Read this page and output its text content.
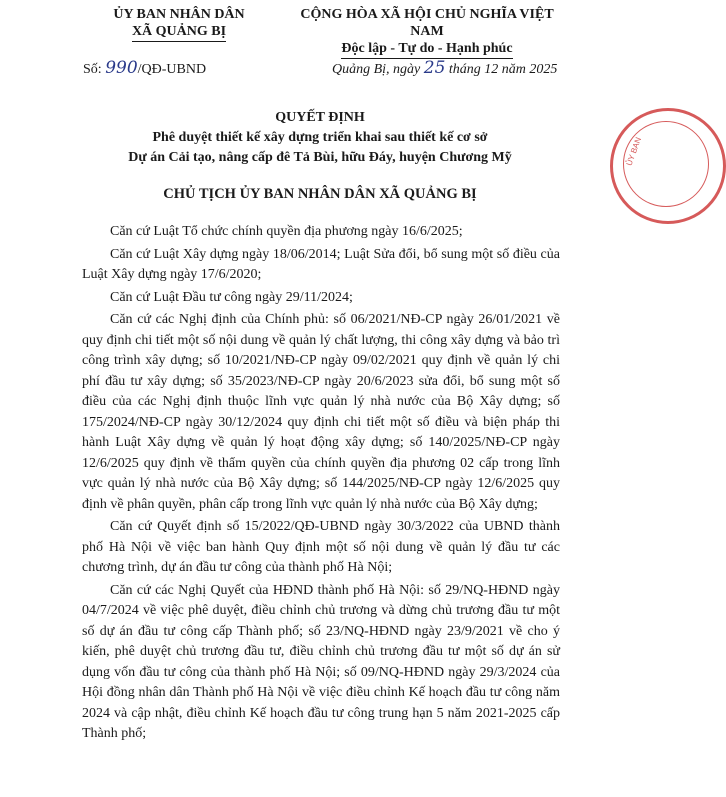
ỦY BAN NHÂN DÂN
XÃ QUẢNG BỊ
CỘNG HÒA XÃ HỘI CHỦ NGHĨA VIỆT NAM
Độc lập - Tự do - Hạnh phúc
Số: 990/QĐ-UBND	Quảng Bị, ngày 25 tháng 12 năm 2025
ỦY BAN
QUYẾT ĐỊNH
Phê duyệt thiết kế xây dựng triển khai sau thiết kế cơ sở
Dự án Cải tạo, nâng cấp đê Tả Bùi, hữu Đáy, huyện Chương Mỹ
CHỦ TỊCH ỦY BAN NHÂN DÂN XÃ QUẢNG BỊ

Căn cứ Luật Tổ chức chính quyền địa phương ngày 16/6/2025;

Căn cứ Luật Xây dựng ngày 18/06/2014; Luật Sửa đổi, bổ sung một số điều của Luật Xây dựng ngày 17/6/2020;

Căn cứ Luật Đầu tư công ngày 29/11/2024;

Căn cứ các Nghị định của Chính phủ: số 06/2021/NĐ-CP ngày 26/01/2021 về quy định chi tiết một số nội dung về quản lý chất lượng, thi công xây dựng và bảo trì công trình xây dựng; số 10/2021/NĐ-CP ngày 09/02/2021 quy định về quản lý chi phí đầu tư xây dựng; số 35/2023/NĐ-CP ngày 20/6/2023 sửa đổi, bổ sung một số điều của các Nghị định thuộc lĩnh vực quản lý nhà nước của Bộ Xây dựng; số 175/2024/NĐ-CP ngày 30/12/2024 quy định chi tiết một số điều và biện pháp thi hành Luật Xây dựng về quản lý hoạt động xây dựng; số 140/2025/NĐ-CP ngày 12/6/2025 quy định về thẩm quyền của chính quyền địa phương 02 cấp trong lĩnh vực quản lý nhà nước của Bộ Xây dựng; số 144/2025/NĐ-CP ngày 12/6/2025 quy định về phân quyền, phân cấp trong lĩnh vực quản lý nhà nước của Bộ Xây dựng;

Căn cứ Quyết định số 15/2022/QĐ-UBND ngày 30/3/2022 của UBND thành phố Hà Nội về việc ban hành Quy định một số nội dung về quản lý đầu tư các chương trình, dự án đầu tư công của thành phố Hà Nội;

Căn cứ các Nghị Quyết của HĐND thành phố Hà Nội: số 29/NQ-HĐND ngày 04/7/2024 về việc phê duyệt, điều chỉnh chủ trương và dừng chủ trương đầu tư một số dự án đầu tư công cấp Thành phố; số 23/NQ-HĐND ngày 23/9/2021 về cho ý kiến, phê duyệt chủ trương đầu tư, điều chỉnh chủ trương đầu tư một số dự án sử dụng vốn đầu tư công của thành phố Hà Nội; số 09/NQ-HĐND ngày 29/3/2024 của Hội đồng nhân dân Thành phố Hà Nội về việc điều chỉnh Kế hoạch đầu tư công năm 2024 và cập nhật, điều chỉnh Kế hoạch đầu tư công trung hạn 5 năm 2021-2025 cấp Thành phố;
